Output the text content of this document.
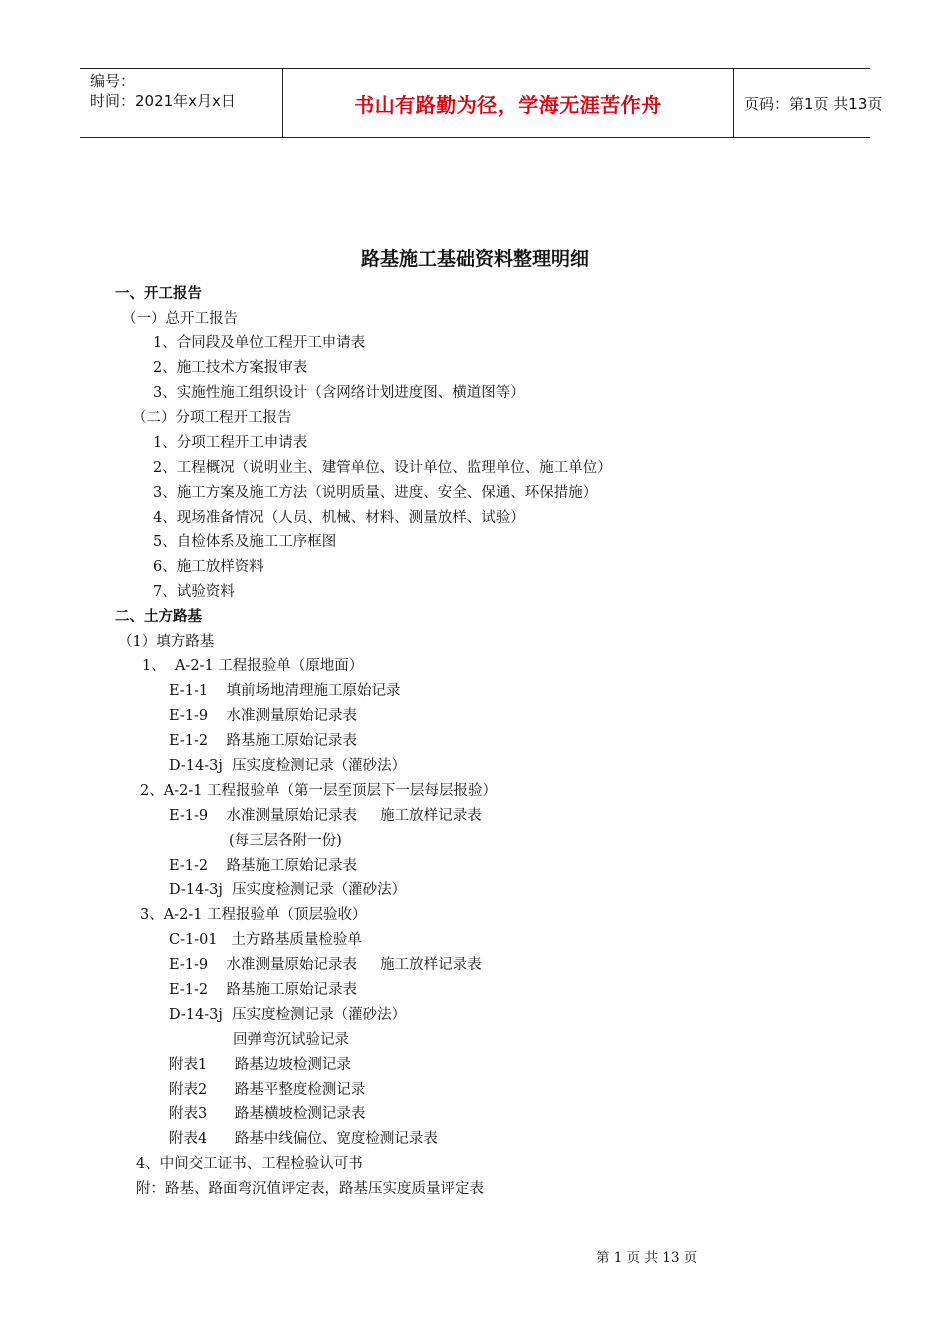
编号：
时间：2021年x月x日	书山有路勤为径，学海无涯苦作舟	页码：第1页 共13页
路基施工基础资料整理明细
一、开工报告
（一）总开工报告
1、合同段及单位工程开工申请表
2、施工技术方案报审表
3、实施性施工组织设计（含网络计划进度图、横道图等）
（二）分项工程开工报告
1、分项工程开工申请表
2、工程概况（说明业主、建管单位、设计单位、监理单位、施工单位）
3、施工方案及施工方法（说明质量、进度、安全、保通、环保措施）
4、现场准备情况（人员、机械、材料、测量放样、试验）
5、自检体系及施工工序框图
6、施工放样资料
7、试验资料
二、土方路基
（1）填方路基
1、  A-2-1 工程报验单（原地面）
E-1-1    填前场地清理施工原始记录
E-1-9    水准测量原始记录表
E-1-2    路基施工原始记录表
D-14-3j  压实度检测记录（灌砂法）
2、A-2-1 工程报验单（第一层至顶层下一层每层报验）
E-1-9    水准测量原始记录表     施工放样记录表
(每三层各附一份)
E-1-2    路基施工原始记录表
D-14-3j  压实度检测记录（灌砂法）
3、A-2-1 工程报验单（顶层验收）
C-1-01   土方路基质量检验单
E-1-9    水准测量原始记录表     施工放样记录表
E-1-2    路基施工原始记录表
D-14-3j  压实度检测记录（灌砂法）
回弹弯沉试验记录
附表1      路基边坡检测记录
附表2      路基平整度检测记录
附表3      路基横坡检测记录表
附表4      路基中线偏位、宽度检测记录表
4、中间交工证书、工程检验认可书
附：路基、路面弯沉值评定表，路基压实度质量评定表
第 1 页 共 13 页
